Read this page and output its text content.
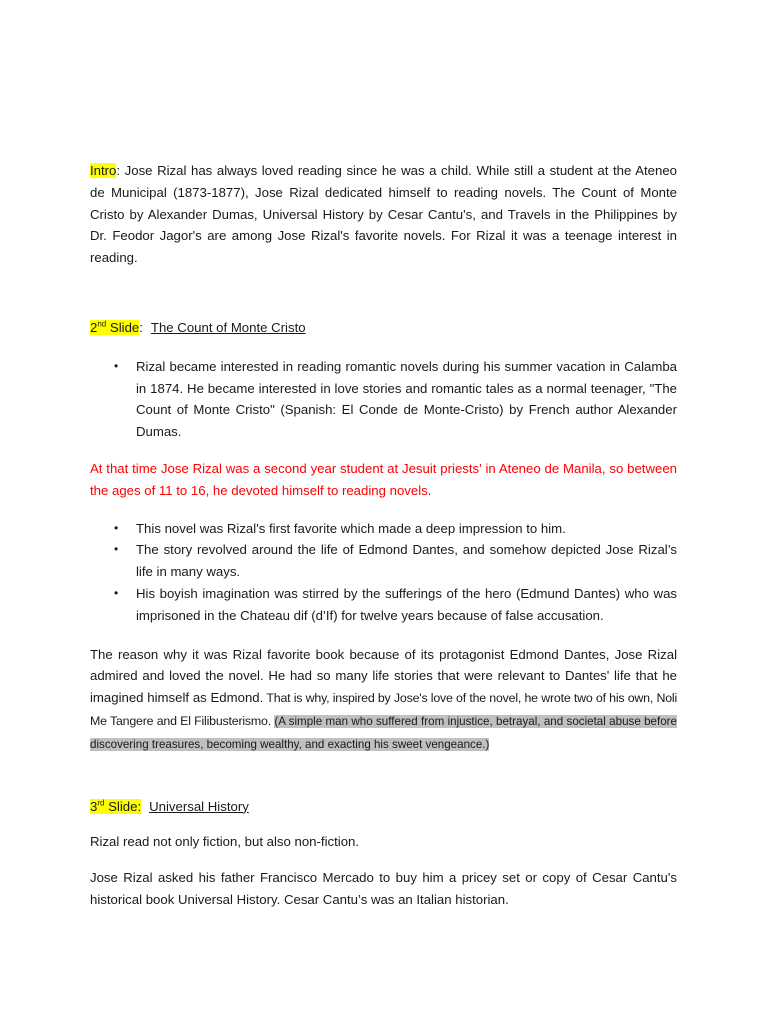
Intro: Jose Rizal has always loved reading since he was a child. While still a student at the Ateneo de Municipal (1873-1877), Jose Rizal dedicated himself to reading novels. The Count of Monte Cristo by Alexander Dumas, Universal History by Cesar Cantu's, and Travels in the Philippines by Dr. Feodor Jagor's are among Jose Rizal's favorite novels. For Rizal it was a teenage interest in reading.

2nd Slide: The Count of Monte Cristo

• Rizal became interested in reading romantic novels during his summer vacation in Calamba in 1874. He became interested in love stories and romantic tales as a normal teenager, "The Count of Monte Cristo" (Spanish: El Conde de Monte-Cristo) by French author Alexander Dumas.

At that time Jose Rizal was a second year student at Jesuit priests' in Ateneo de Manila, so between the ages of 11 to 16, he devoted himself to reading novels.

• This novel was Rizal's first favorite which made a deep impression to him.
• The story revolved around the life of Edmond Dantes, and somehow depicted Jose Rizal’s life in many ways.
• His boyish imagination was stirred by the sufferings of the hero (Edmund Dantes) who was imprisoned in the Chateau dif (d’If) for twelve years because of false accusation.

The reason why it was Rizal favorite book because of its protagonist Edmond Dantes, Jose Rizal admired and loved the novel. He had so many life stories that were relevant to Dantes' life that he imagined himself as Edmond. That is why, inspired by Jose's love of the novel, he wrote two of his own, Noli Me Tangere and El Filibusterismo. (A simple man who suffered from injustice, betrayal, and societal abuse before discovering treasures, becoming wealthy, and exacting his sweet vengeance.)

3rd Slide: Universal History

Rizal read not only fiction, but also non-fiction.

Jose Rizal asked his father Francisco Mercado to buy him a pricey set or copy of Cesar Cantu's historical book Universal History. Cesar Cantu’s was an Italian historian.
